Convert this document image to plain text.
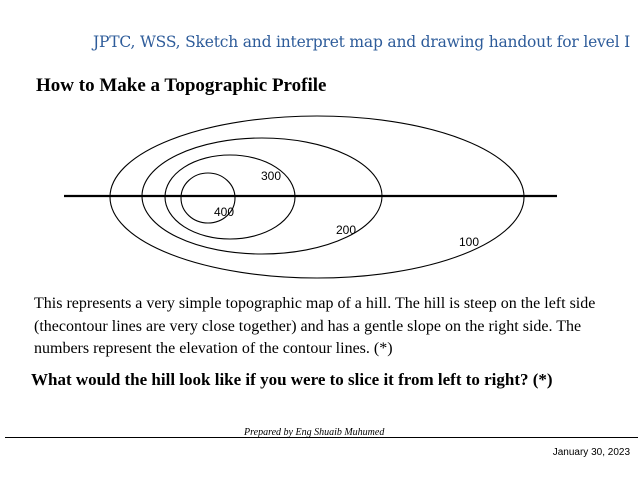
JPTC, WSS, Sketch and interpret map and drawing handout for level I
How to Make a Topographic Profile
300
400
200
100
This represents a very simple topographic map of a hill. The hill is steep on the left side
(thecontour lines are very close together) and has a gentle slope on the right side. The
numbers represent the elevation of the contour lines. (*)
What would the hill look like if you were to slice it from left to right? (*)
Prepared by Eng Shuaib Muhumed
January 30, 2023
